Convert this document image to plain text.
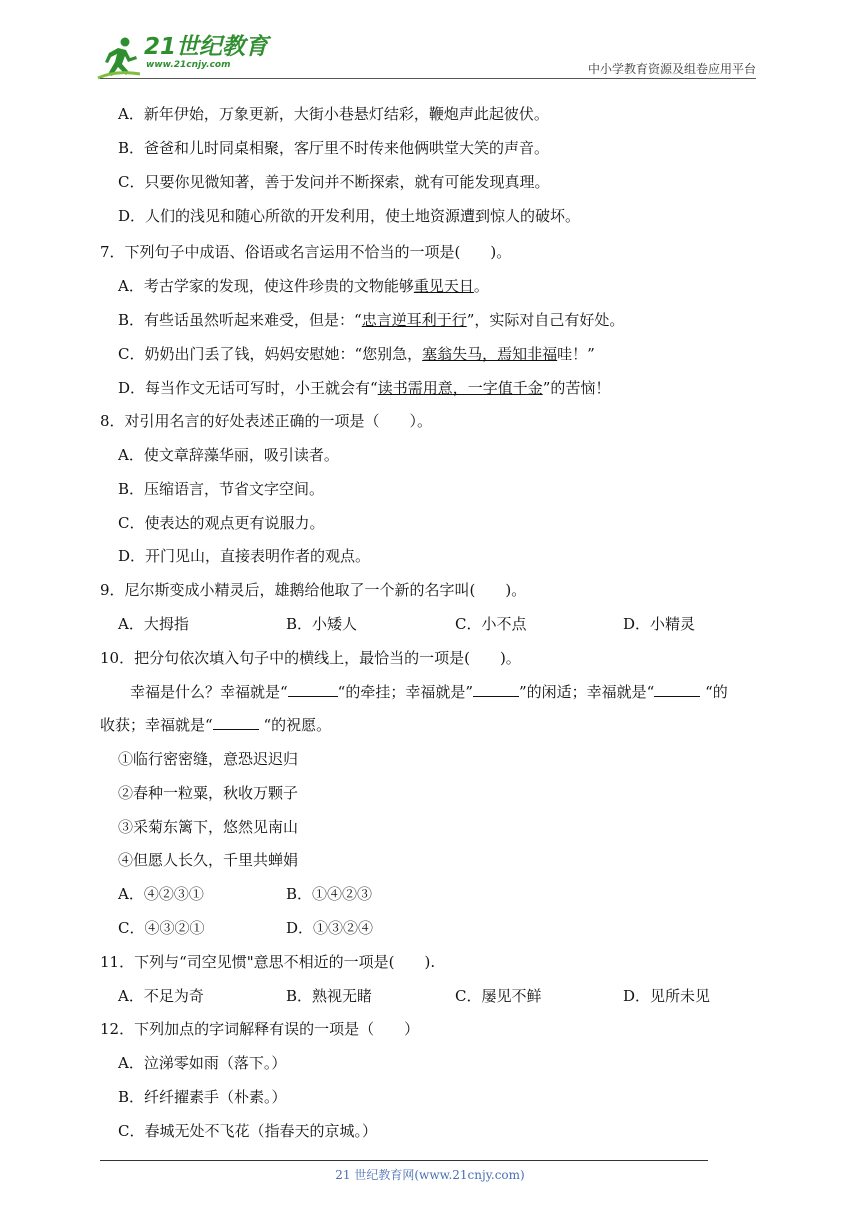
21世纪教育
www.21cnjy.com	中小学教育资源及组卷应用平台
A．新年伊始，万象更新，大街小巷悬灯结彩，鞭炮声此起彼伏。
B．爸爸和儿时同桌相聚，客厅里不时传来他俩哄堂大笑的声音。
C．只要你见微知著，善于发问并不断探索，就有可能发现真理。
D．人们的浅见和随心所欲的开发利用，使土地资源遭到惊人的破坏。
7．下列句子中成语、俗语或名言运用不恰当的一项是(　　)。
A．考古学家的发现，使这件珍贵的文物能够重见天日。
B．有些话虽然听起来难受，但是：“忠言逆耳利于行”，实际对自己有好处。
C．奶奶出门丢了钱，妈妈安慰她：“您别急，塞翁失马，焉知非福哇！”
D．每当作文无话可写时，小王就会有“读书需用意，一字值千金”的苦恼！
8．对引用名言的好处表述正确的一项是（　　）。
A．使文章辞藻华丽，吸引读者。
B．压缩语言，节省文字空间。
C．使表达的观点更有说服力。
D．开门见山，直接表明作者的观点。
9．尼尔斯变成小精灵后，雄鹅给他取了一个新的名字叫(　　)。
A．大拇指	B．小矮人	C．小不点	D．小精灵
10．把分句依次填入句子中的横线上，最恰当的一项是(　　)。
幸福是什么？幸福就是“	“的牵挂；幸福就是”	”的闲适；幸福就是“	“的
收获；幸福就是“	“的祝愿。
①临行密密缝，意恐迟迟归
②春种一粒粟，秋收万颗子
③采菊东篱下，悠然见南山
④但愿人长久，千里共蝉娟
A．④②③①	B．①④②③
C．④③②①	D．①③②④
11．下列与“司空见惯"意思不相近的一项是(　　).
A．不足为奇	B．熟视无睹	C．屡见不鲜	D．见所未见
12．下列加点的字词解释有误的一项是（　　）
A．泣涕零如雨（落下。）
B．纤纤擢素手（朴素。）
C．春城无处不飞花（指春天的京城。）
21 世纪教育网(www.21cnjy.com)
